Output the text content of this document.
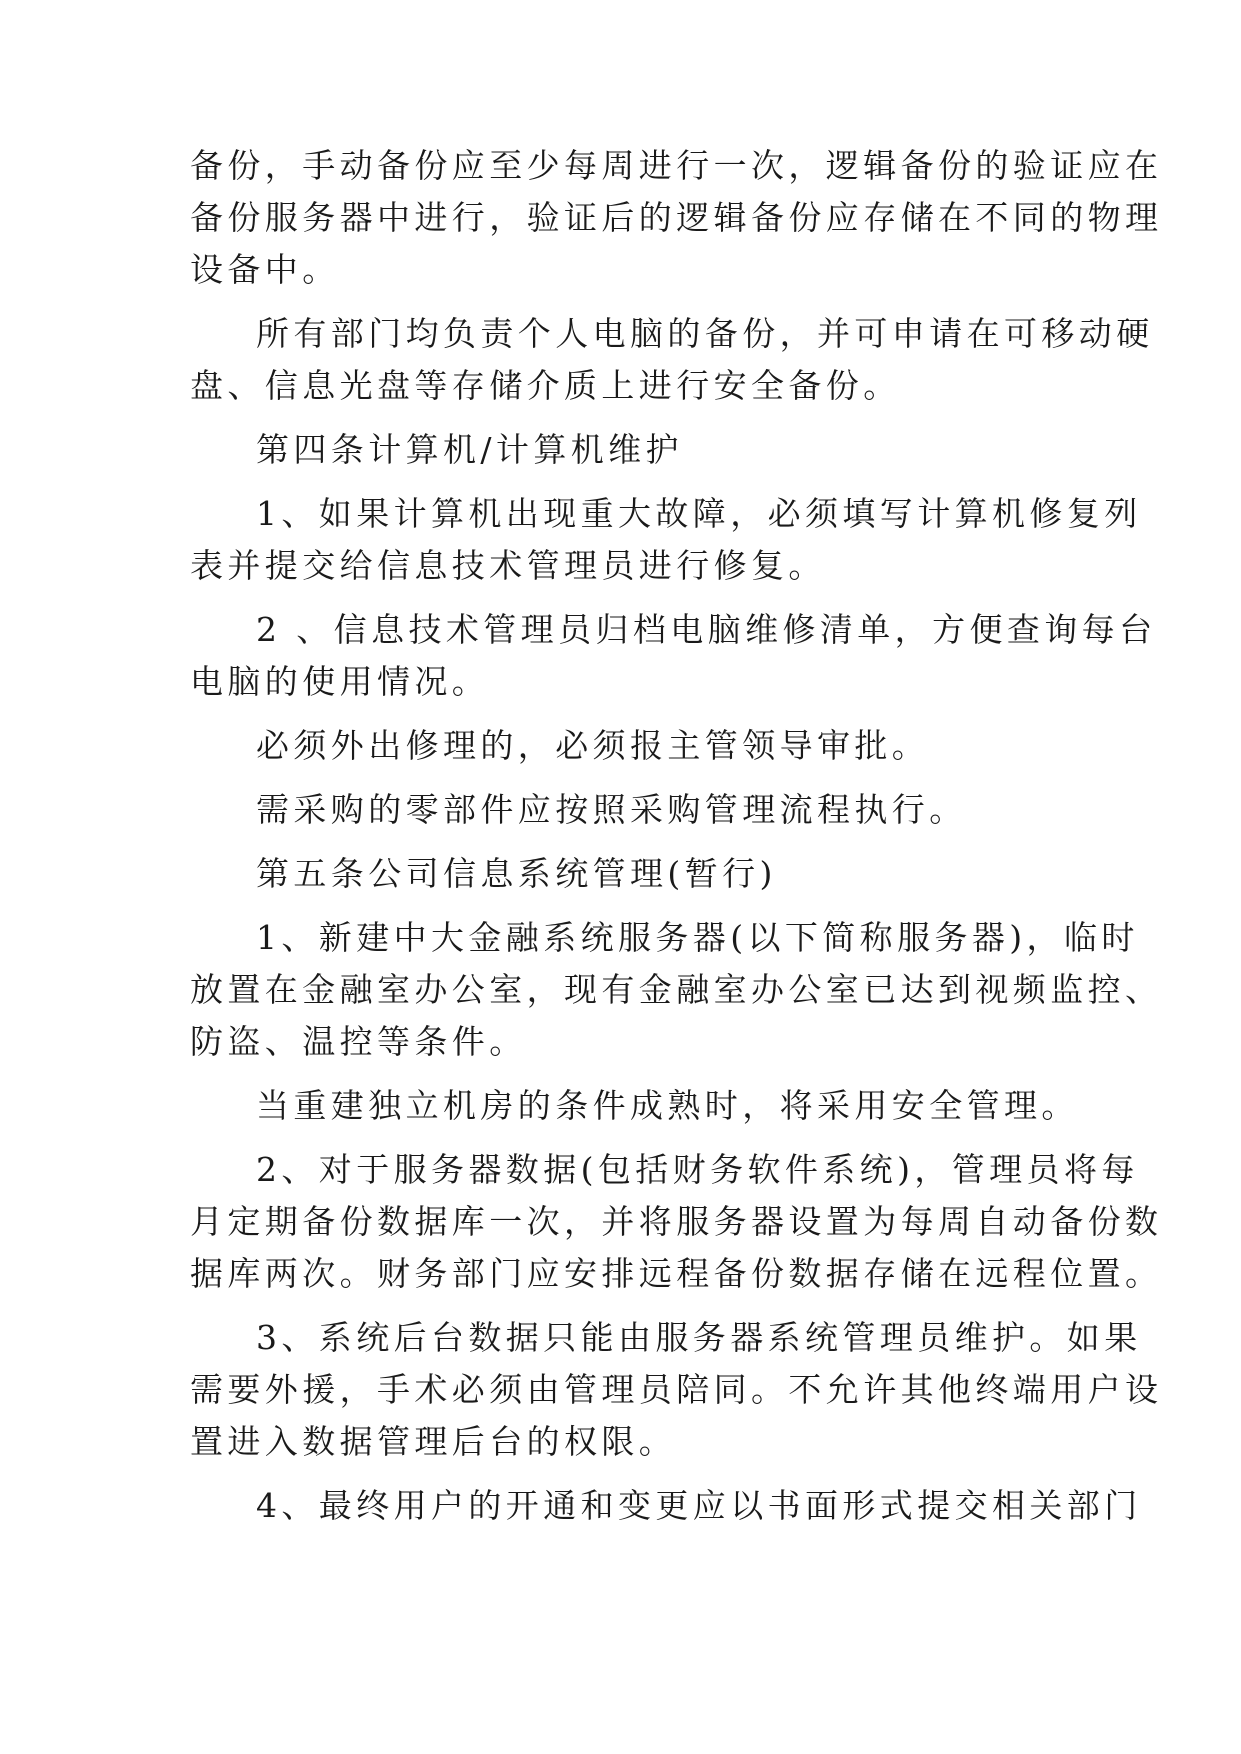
备份，手动备份应至少每周进行一次，逻辑备份的验证应在

备份服务器中进行，验证后的逻辑备份应存储在不同的物理

设备中。

所有部门均负责个人电脑的备份，并可申请在可移动硬

盘、信息光盘等存储介质上进行安全备份。

第四条计算机/计算机维护

1、如果计算机出现重大故障，必须填写计算机修复列

表并提交给信息技术管理员进行修复。

2 、信息技术管理员归档电脑维修清单，方便查询每台

电脑的使用情况。

必须外出修理的，必须报主管领导审批。

需采购的零部件应按照采购管理流程执行。

第五条公司信息系统管理(暂行)

1、新建中大金融系统服务器(以下简称服务器)，临时

放置在金融室办公室，现有金融室办公室已达到视频监控、

防盗、温控等条件。

当重建独立机房的条件成熟时，将采用安全管理。

2、对于服务器数据(包括财务软件系统)，管理员将每

月定期备份数据库一次，并将服务器设置为每周自动备份数

据库两次。财务部门应安排远程备份数据存储在远程位置。

3、系统后台数据只能由服务器系统管理员维护。如果

需要外援，手术必须由管理员陪同。不允许其他终端用户设

置进入数据管理后台的权限。

4、最终用户的开通和变更应以书面形式提交相关部门
